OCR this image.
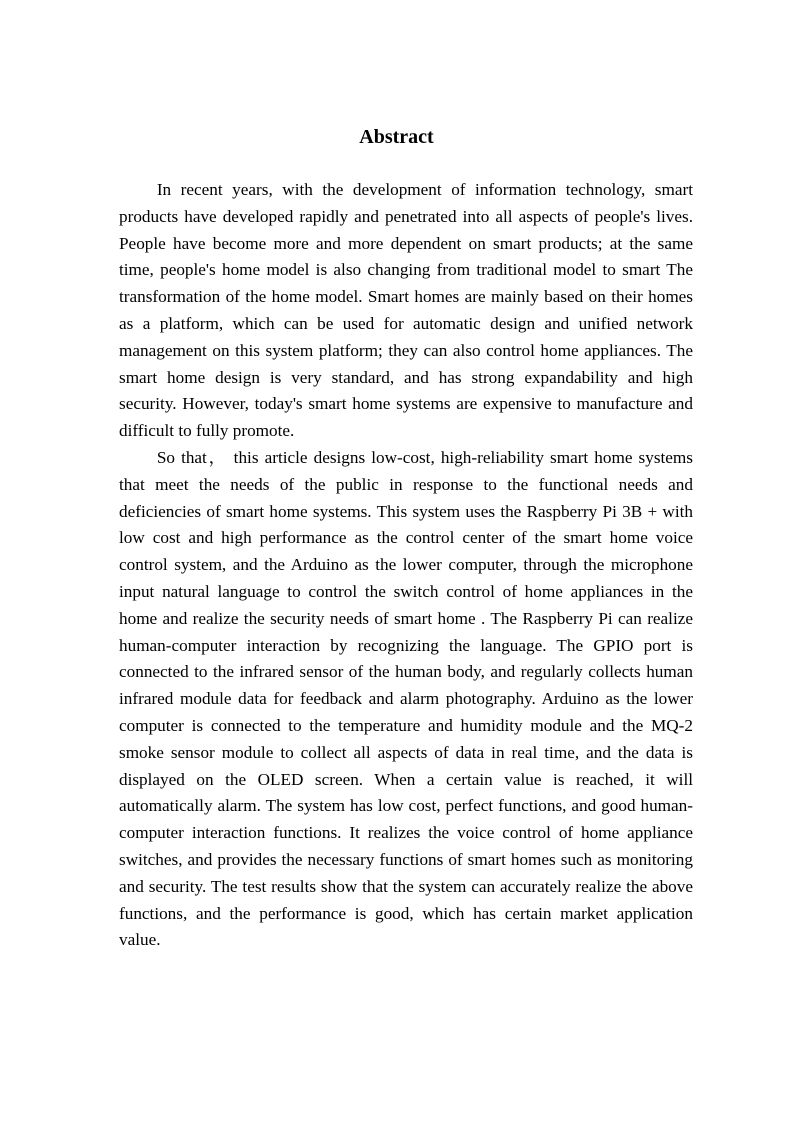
Abstract

In recent years, with the development of information technology, smart products have developed rapidly and penetrated into all aspects of people's lives. People have become more and more dependent on smart products; at the same time, people's home model is also changing from traditional model to smart The transformation of the home model. Smart homes are mainly based on their homes as a platform, which can be used for automatic design and unified network management on this system platform; they can also control home appliances. The smart home design is very standard, and has strong expandability and high security. However, today's smart home systems are expensive to manufacture and difficult to fully promote.

So that， this article designs low-cost, high-reliability smart home systems that meet the needs of the public in response to the functional needs and deficiencies of smart home systems. This system uses the Raspberry Pi 3B + with low cost and high performance as the control center of the smart home voice control system, and the Arduino as the lower computer, through the microphone input natural language to control the switch control of home appliances in the home and realize the security needs of smart home . The Raspberry Pi can realize human-computer interaction by recognizing the language. The GPIO port is connected to the infrared sensor of the human body, and regularly collects human infrared module data for feedback and alarm photography. Arduino as the lower computer is connected to the temperature and humidity module and the MQ-2 smoke sensor module to collect all aspects of data in real time, and the data is displayed on the OLED screen. When a certain value is reached, it will automatically alarm. The system has low cost, perfect functions, and good human-computer interaction functions. It realizes the voice control of home appliance switches, and provides the necessary functions of smart homes such as monitoring and security. The test results show that the system can accurately realize the above functions, and the performance is good, which has certain market application value.
